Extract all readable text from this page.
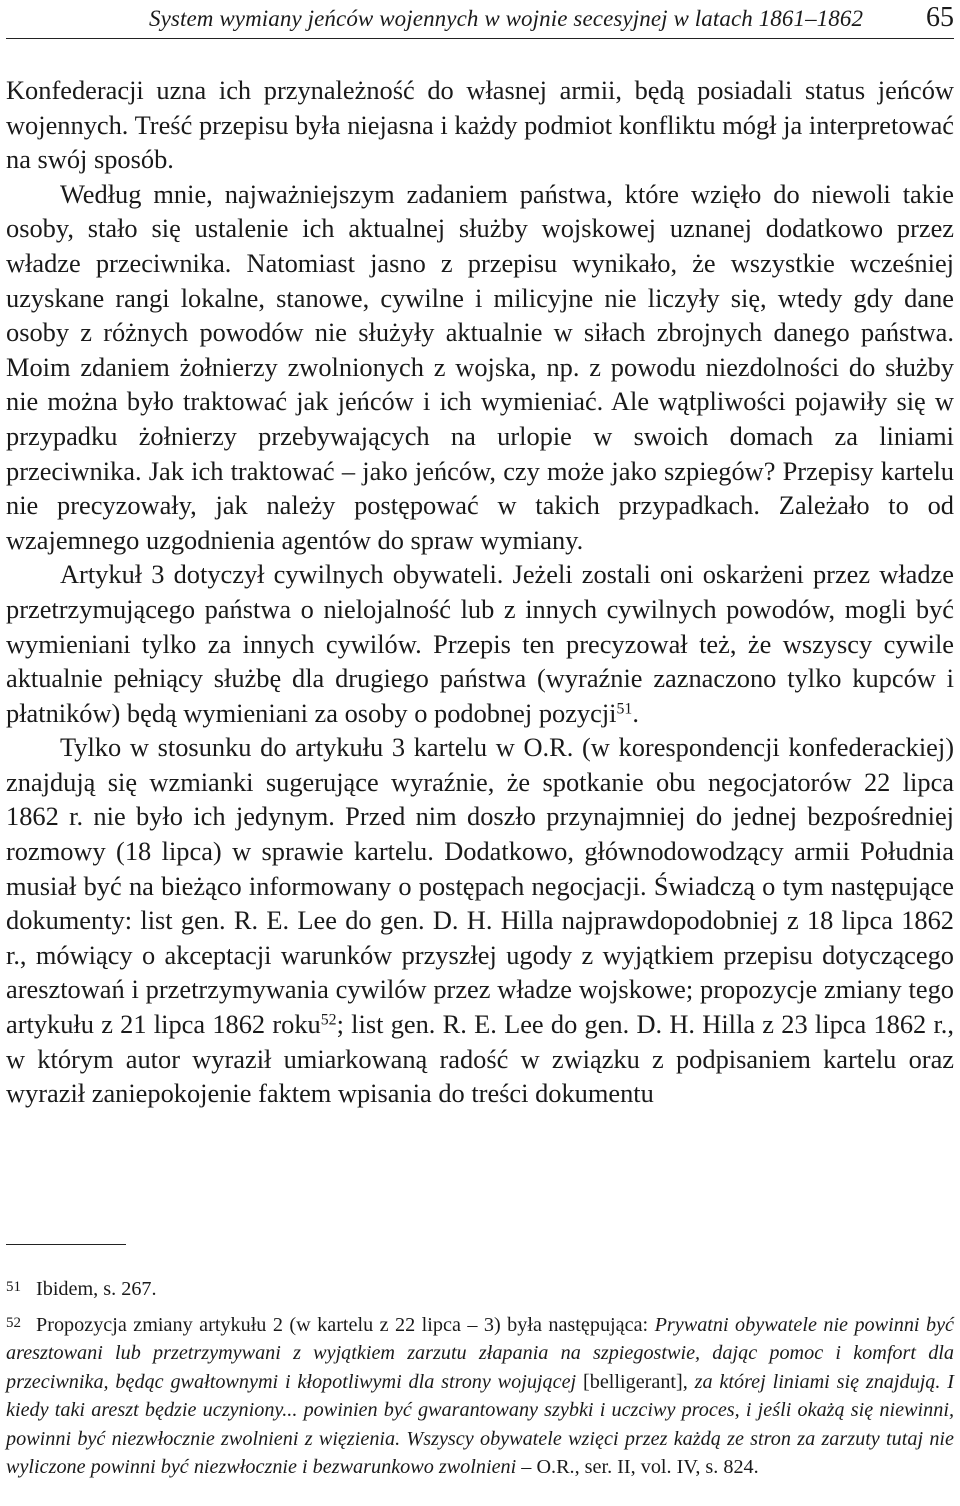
System wymiany jeńców wojennych w wojnie secesyjnej w latach 1861–1862 65

Konfederacji uzna ich przynależność do własnej armii, będą posiadali status jeńców wojennych. Treść przepisu była niejasna i każdy podmiot konfliktu mógł ja interpretować na swój sposób.

Według mnie, najważniejszym zadaniem państwa, które wzięło do niewoli takie osoby, stało się ustalenie ich aktualnej służby wojskowej uznanej dodatkowo przez władze przeciwnika. Natomiast jasno z przepisu wynikało, że wszystkie wcześniej uzyskane rangi lokalne, stanowe, cywilne i milicyjne nie liczyły się, wtedy gdy dane osoby z różnych powodów nie służyły aktualnie w siłach zbrojnych danego państwa. Moim zdaniem żołnierzy zwolnionych z wojska, np. z powodu niezdolności do służby nie można było traktować jak jeńców i ich wymieniać. Ale wątpliwości pojawiły się w przypadku żołnierzy przebywających na urlopie w swoich domach za liniami przeciwnika. Jak ich traktować – jako jeńców, czy może jako szpiegów? Przepisy kartelu nie precyzowały, jak należy postępować w takich przypadkach. Zależało to od wzajemnego uzgodnienia agentów do spraw wymiany.

Artykuł 3 dotyczył cywilnych obywateli. Jeżeli zostali oni oskarżeni przez władze przetrzymującego państwa o nielojalność lub z innych cywilnych powodów, mogli być wymieniani tylko za innych cywilów. Przepis ten precyzował też, że wszyscy cywile aktualnie pełniący służbę dla drugiego państwa (wyraźnie zaznaczono tylko kupców i płatników) będą wymieniani za osoby o podobnej pozycji$^{51}$.

Tylko w stosunku do artykułu 3 kartelu w O.R. (w korespondencji konfederackiej) znajdują się wzmianki sugerujące wyraźnie, że spotkanie obu negocjatorów 22 lipca 1862 r. nie było ich jedynym. Przed nim doszło przynajmniej do jednej bezpośredniej rozmowy (18 lipca) w sprawie kartelu. Dodatkowo, głównodowodzący armii Południa musiał być na bieżąco informowany o postępach negocjacji. Świadczą o tym następujące dokumenty: list gen. R. E. Lee do gen. D. H. Hilla najprawdopodobniej z 18 lipca 1862 r., mówiący o akceptacji warunków przyszłej ugody z wyjątkiem przepisu dotyczącego aresztowań i przetrzymywania cywilów przez władze wojskowe; propozycje zmiany tego artykułu z 21 lipca 1862 roku$^{52}$; list gen. R. E. Lee do gen. D. H. Hilla z 23 lipca 1862 r., w którym autor wyraził umiarkowaną radość w związku z podpisaniem kartelu oraz wyraził zaniepokojenie faktem wpisania do treści dokumentu

51 Ibidem, s. 267.

52 Propozycja zmiany artykułu 2 (w kartelu z 22 lipca – 3) była następująca: Prywatni obywatele nie powinni być aresztowani lub przetrzymywani z wyjątkiem zarzutu złapania na szpiegostwie, dając pomoc i komfort dla przeciwnika, będąc gwałtownymi i kłopotliwymi dla strony wojującej [belligerant], za której liniami się znajdują. I kiedy taki areszt będzie uczyniony... powinien być gwarantowany szybki i uczciwy proces, i jeśli okażą się niewinni, powinni być niezwłocznie zwolnieni z więzienia. Wszyscy obywatele wzięci przez każdą ze stron za zarzuty tutaj nie wyliczone powinni być niezwłocznie i bezwarunkowo zwolnieni – O.R., ser. II, vol. IV, s. 824.
